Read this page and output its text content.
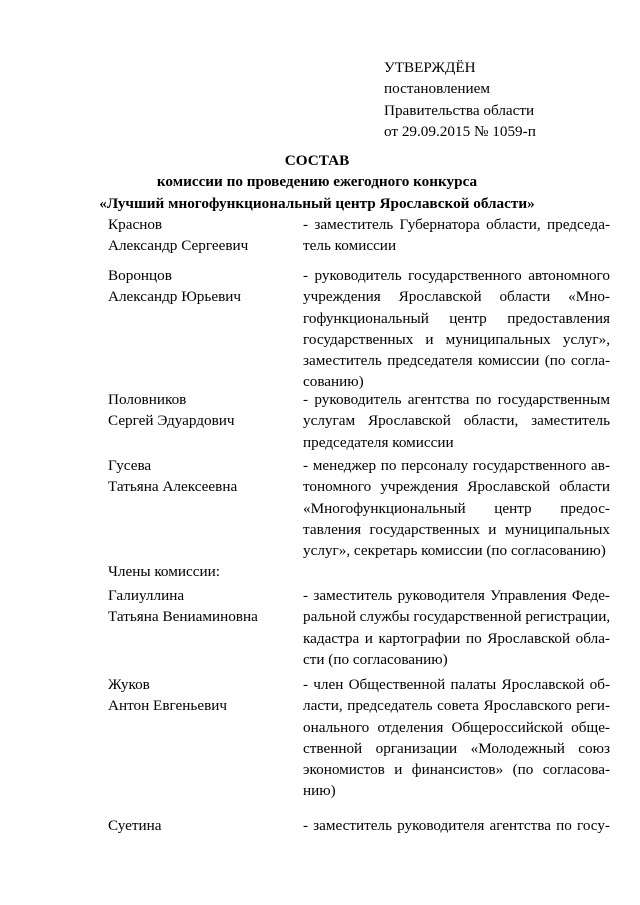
УТВЕРЖДЁН
постановлением
Правительства области
от 29.09.2015 № 1059-п
СОСТАВ
комиссии по проведению ежегодного конкурса
«Лучший многофункциональный центр Ярославской области»
Краснов
Александр Сергеевич
- заместитель Губернатора области, председа-
тель комиссии
Воронцов
Александр Юрьевич
- руководитель государственного автономного
учреждения Ярославской области «Мно-
гофункциональный центр предоставления
государственных и муниципальных услуг»,
заместитель председателя комиссии (по согла-
сованию)
Половников
Сергей Эдуардович
- руководитель агентства по государственным
услугам Ярославской области, заместитель
председателя комиссии
Гусева
Татьяна Алексеевна
- менеджер по персоналу государственного ав-
тономного учреждения Ярославской области
«Многофункциональный центр предос-
тавления государственных и муниципальных
услуг», секретарь комиссии (по согласованию)
Члены комиссии:
Галиуллина
Татьяна Вениаминовна
- заместитель руководителя Управления Феде-
ральной службы государственной регистрации,
кадастра и картографии по Ярославской обла-
сти (по согласованию)
Жуков
Антон Евгеньевич
- член Общественной палаты Ярославской об-
ласти, председатель совета Ярославского реги-
онального отделения Общероссийской обще-
ственной организации «Молодежный союз
экономистов и финансистов» (по согласова-
нию)
Суетина	- заместитель руководителя агентства по госу-
